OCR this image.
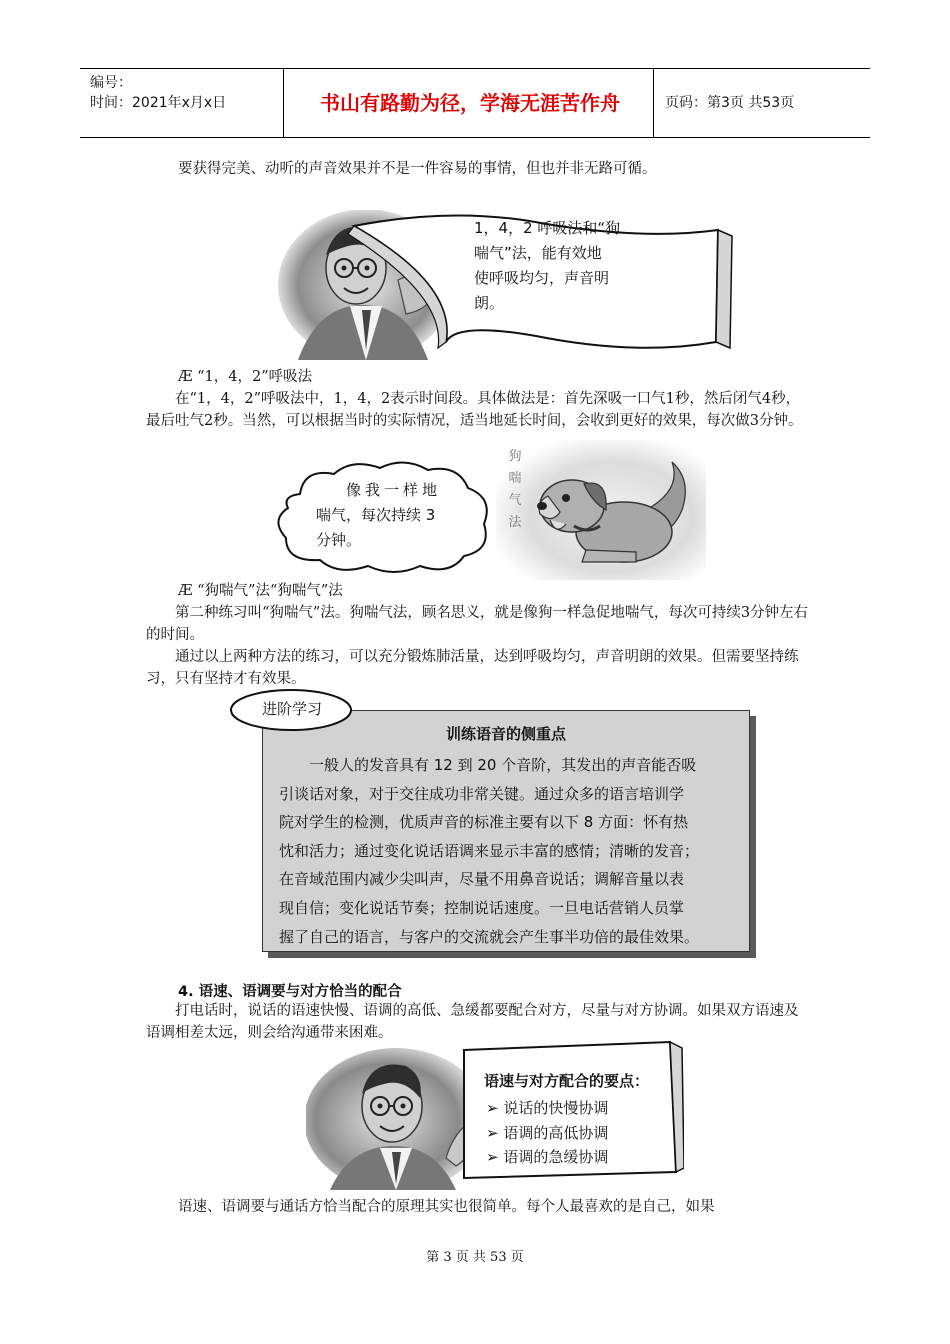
编号：
时间：2021年x月x日	书山有路勤为径，学海无涯苦作舟	页码：第3页 共53页
要获得完美、动听的声音效果并不是一件容易的事情，但也并非无路可循。
1，4，2 呼吸法和“狗
喘气”法，能有效地
使呼吸均匀，声音明
朗。
Æ “1，4，2”呼吸法
在“1，4，2”呼吸法中，1，4，2表示时间段。具体做法是：首先深吸一口气1秒，然后闭气4秒，最后吐气2秒。当然，可以根据当时的实际情况，适当地延长时间，会收到更好的效果，每次做3分钟。
像我一样地
喘气，每次持续 3
分钟。
狗
喘
气
法
Æ “狗喘气”法“狗喘气”法
第二种练习叫“狗喘气”法。狗喘气法，顾名思义，就是像狗一样急促地喘气，每次可持续3分钟左右的时间。
通过以上两种方法的练习，可以充分锻炼肺活量，达到呼吸均匀，声音明朗的效果。但需要坚持练习，只有坚持才有效果。
训练语音的侧重点
一般人的发音具有 12 到 20 个音阶，其发出的声音能否吸
引谈话对象，对于交往成功非常关键。通过众多的语言培训学
院对学生的检测，优质声音的标准主要有以下 8 方面：怀有热
忱和活力；通过变化说话语调来显示丰富的感情；清晰的发音；
在音域范围内减少尖叫声，尽量不用鼻音说话；调解音量以表
现自信；变化说话节奏；控制说话速度。一旦电话营销人员掌
握了自己的语言，与客户的交流就会产生事半功倍的最佳效果。
进阶学习
4. 语速、语调要与对方恰当的配合
打电话时，说话的语速快慢、语调的高低、急缓都要配合对方，尽量与对方协调。如果双方语速及语调相差太远，则会给沟通带来困难。
语速与对方配合的要点：
➢ 说话的快慢协调
➢ 语调的高低协调
➢ 语调的急缓协调
语速、语调要与通话方恰当配合的原理其实也很简单。每个人最喜欢的是自己，如果
第 3 页 共 53 页
